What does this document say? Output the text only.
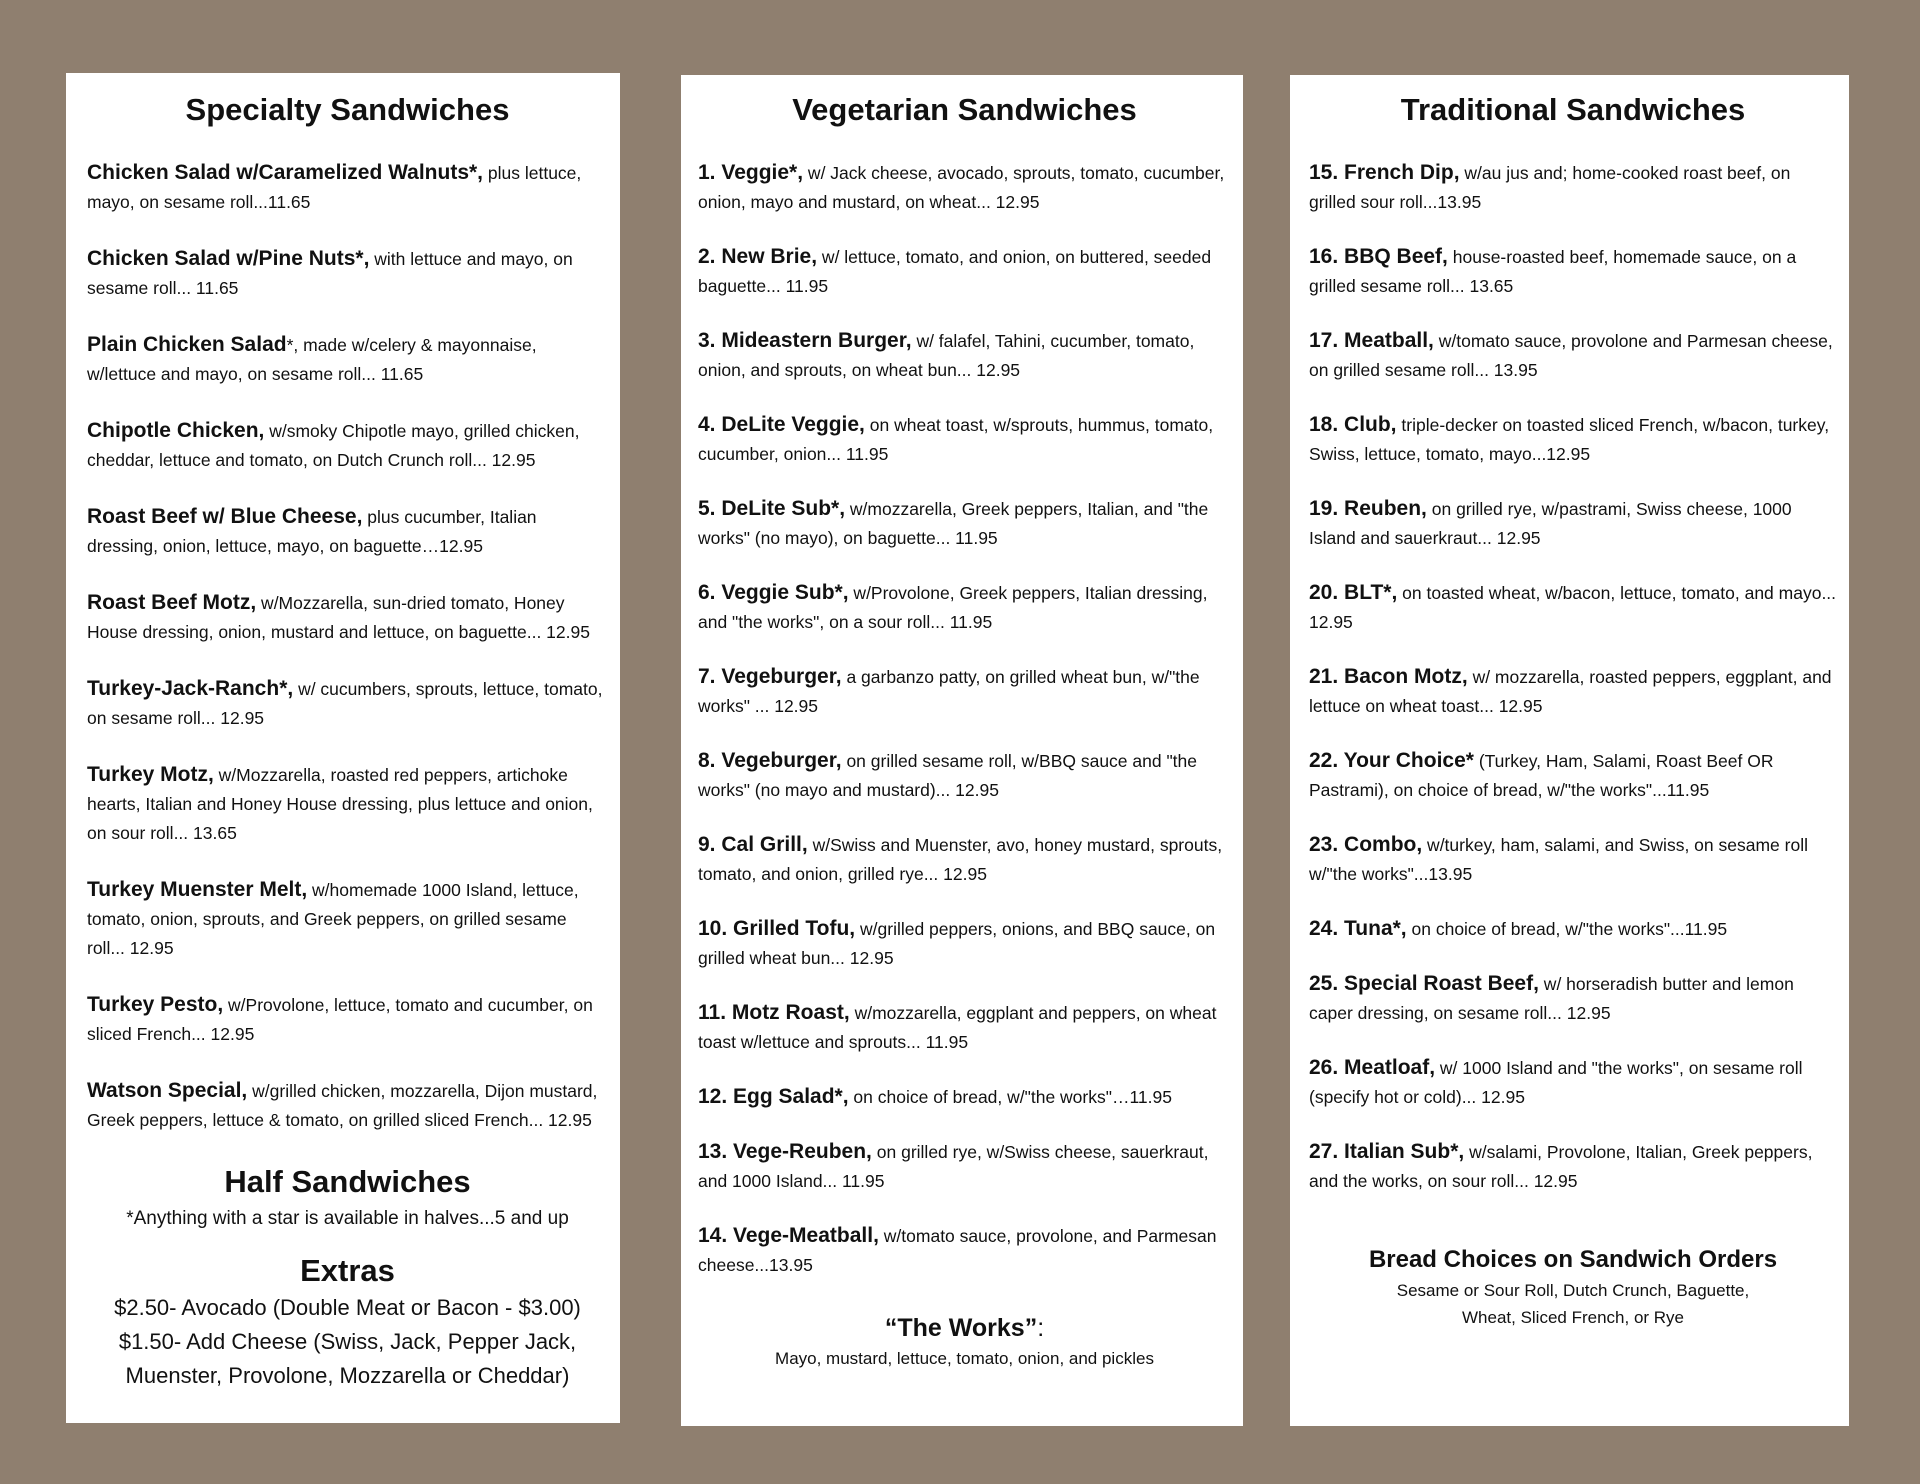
Specialty Sandwiches
Chicken Salad w/Caramelized Walnuts*, plus lettuce, mayo, on sesame roll...11.65
Chicken Salad w/Pine Nuts*, with lettuce and mayo, on sesame roll... 11.65
Plain Chicken Salad*, made w/celery & mayonnaise, w/lettuce and mayo, on sesame roll... 11.65
Chipotle Chicken, w/smoky Chipotle mayo, grilled chicken, cheddar, lettuce and tomato, on Dutch Crunch roll... 12.95
Roast Beef w/ Blue Cheese, plus cucumber, Italian dressing, onion, lettuce, mayo, on baguette…12.95
Roast Beef Motz, w/Mozzarella, sun-dried tomato, Honey House dressing, onion, mustard and lettuce, on baguette... 12.95
Turkey-Jack-Ranch*, w/ cucumbers, sprouts, lettuce, tomato, on sesame roll... 12.95
Turkey Motz, w/Mozzarella, roasted red peppers, artichoke hearts, Italian and Honey House dressing, plus lettuce and onion, on sour roll... 13.65
Turkey Muenster Melt, w/homemade 1000 Island, lettuce, tomato, onion, sprouts, and Greek peppers, on grilled sesame roll... 12.95
Turkey Pesto, w/Provolone, lettuce, tomato and cucumber, on sliced French... 12.95
Watson Special, w/grilled chicken, mozzarella, Dijon mustard, Greek peppers, lettuce & tomato, on grilled sliced French... 12.95
Half Sandwiches
*Anything with a star is available in halves...5 and up
Extras
$2.50- Avocado (Double Meat or Bacon - $3.00)
$1.50- Add Cheese (Swiss, Jack, Pepper Jack,
Muenster, Provolone, Mozzarella or Cheddar)
Vegetarian Sandwiches
1. Veggie*, w/ Jack cheese, avocado, sprouts, tomato, cucumber, onion, mayo and mustard, on wheat... 12.95
2. New Brie, w/ lettuce, tomato, and onion, on buttered, seeded baguette... 11.95
3. Mideastern Burger, w/ falafel, Tahini, cucumber, tomato, onion, and sprouts, on wheat bun... 12.95
4. DeLite Veggie, on wheat toast, w/sprouts, hummus, tomato, cucumber, onion... 11.95
5. DeLite Sub*, w/mozzarella, Greek peppers, Italian, and "the works" (no mayo), on baguette... 11.95
6. Veggie Sub*, w/Provolone, Greek peppers, Italian dressing, and "the works", on a sour roll... 11.95
7. Vegeburger, a garbanzo patty, on grilled wheat bun, w/"the works" ... 12.95
8. Vegeburger, on grilled sesame roll, w/BBQ sauce and "the works" (no mayo and mustard)... 12.95
9. Cal Grill, w/Swiss and Muenster, avo, honey mustard, sprouts, tomato, and onion, grilled rye... 12.95
10. Grilled Tofu, w/grilled peppers, onions, and BBQ sauce, on grilled wheat bun... 12.95
11. Motz Roast, w/mozzarella, eggplant and peppers, on wheat toast w/lettuce and sprouts... 11.95
12. Egg Salad*, on choice of bread, w/"the works"…11.95
13. Vege-Reuben, on grilled rye, w/Swiss cheese, sauerkraut, and 1000 Island... 11.95
14. Vege-Meatball, w/tomato sauce, provolone, and Parmesan cheese...13.95
“The Works”:
Mayo, mustard, lettuce, tomato, onion, and pickles
Traditional Sandwiches
15. French Dip, w/au jus and; home-cooked roast beef, on grilled sour roll...13.95
16. BBQ Beef, house-roasted beef, homemade sauce, on a grilled sesame roll... 13.65
17. Meatball, w/tomato sauce, provolone and Parmesan cheese, on grilled sesame roll... 13.95
18. Club, triple-decker on toasted sliced French, w/bacon, turkey, Swiss, lettuce, tomato, mayo...12.95
19. Reuben, on grilled rye, w/pastrami, Swiss cheese, 1000 Island and sauerkraut... 12.95
20. BLT*, on toasted wheat, w/bacon, lettuce, tomato, and mayo... 12.95
21. Bacon Motz, w/ mozzarella, roasted peppers, eggplant, and lettuce on wheat toast... 12.95
22. Your Choice* (Turkey, Ham, Salami, Roast Beef OR Pastrami), on choice of bread, w/"the works"...11.95
23. Combo, w/turkey, ham, salami, and Swiss, on sesame roll w/"the works"...13.95
24. Tuna*, on choice of bread, w/"the works"...11.95
25. Special Roast Beef, w/ horseradish butter and lemon caper dressing, on sesame roll... 12.95
26. Meatloaf, w/ 1000 Island and "the works", on sesame roll (specify hot or cold)... 12.95
27. Italian Sub*, w/salami, Provolone, Italian, Greek peppers, and the works, on sour roll... 12.95
Bread Choices on Sandwich Orders
Sesame or Sour Roll, Dutch Crunch, Baguette,
Wheat, Sliced French, or Rye
